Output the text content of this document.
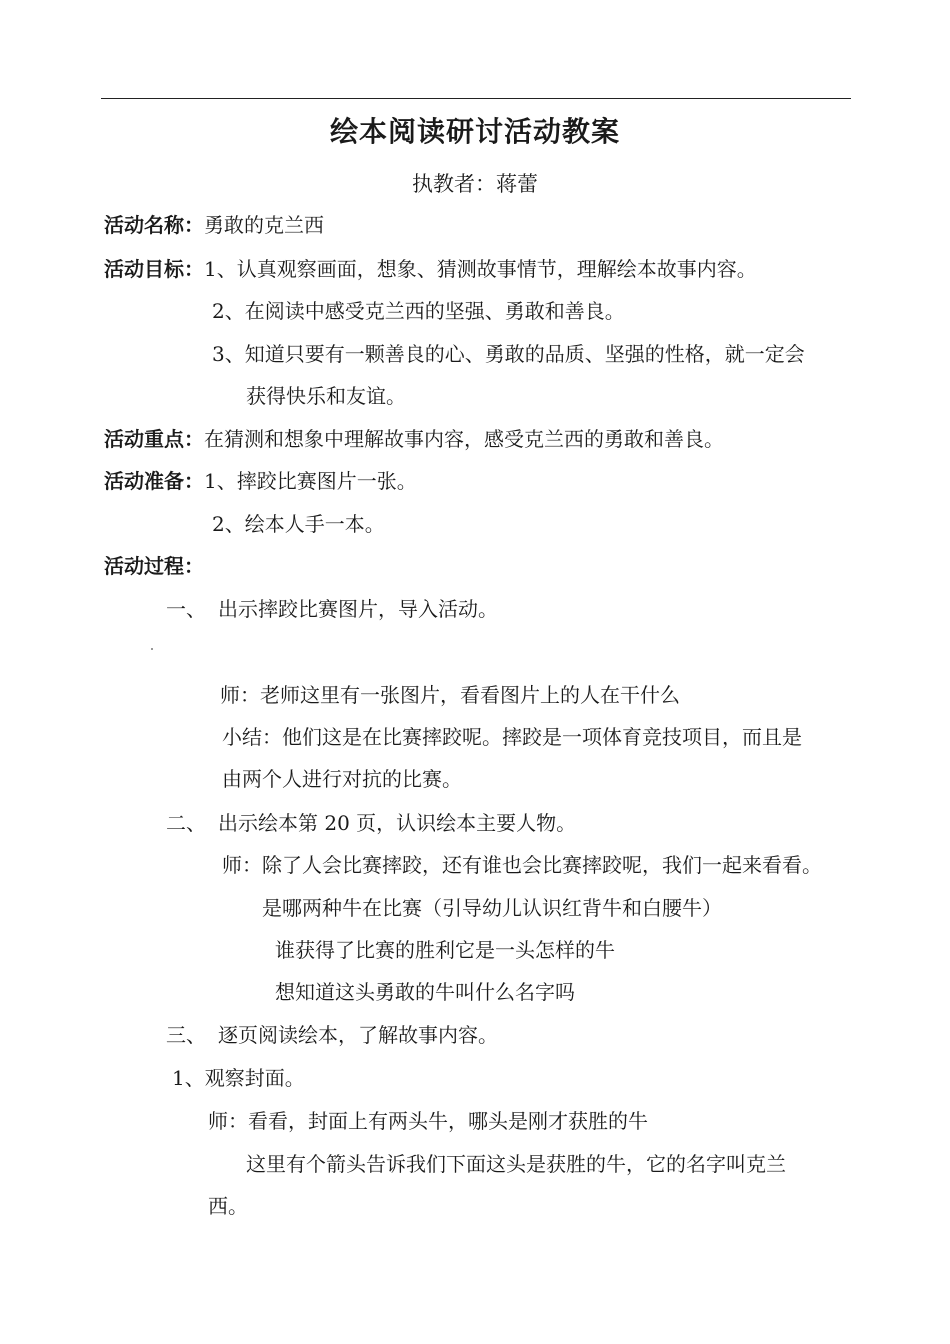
绘本阅读研讨活动教案
执教者：蒋蕾
活动名称：勇敢的克兰西
活动目标：1、认真观察画面，想象、猜测故事情节，理解绘本故事内容。
2、在阅读中感受克兰西的坚强、勇敢和善良。
3、知道只要有一颗善良的心、勇敢的品质、坚强的性格，就一定会
获得快乐和友谊。
活动重点：在猜测和想象中理解故事内容，感受克兰西的勇敢和善良。
活动准备：1、摔跤比赛图片一张。
2、绘本人手一本。
活动过程：
一、 出示摔跤比赛图片，导入活动。
师：老师这里有一张图片，看看图片上的人在干什么
小结：他们这是在比赛摔跤呢。摔跤是一项体育竞技项目，而且是
由两个人进行对抗的比赛。
二、 出示绘本第 20 页，认识绘本主要人物。
师：除了人会比赛摔跤，还有谁也会比赛摔跤呢，我们一起来看看。
是哪两种牛在比赛（引导幼儿认识红背牛和白腰牛）
谁获得了比赛的胜利它是一头怎样的牛
想知道这头勇敢的牛叫什么名字吗
三、 逐页阅读绘本，了解故事内容。
1、观察封面。
师：看看，封面上有两头牛，哪头是刚才获胜的牛
这里有个箭头告诉我们下面这头是获胜的牛，它的名字叫克兰
西。
